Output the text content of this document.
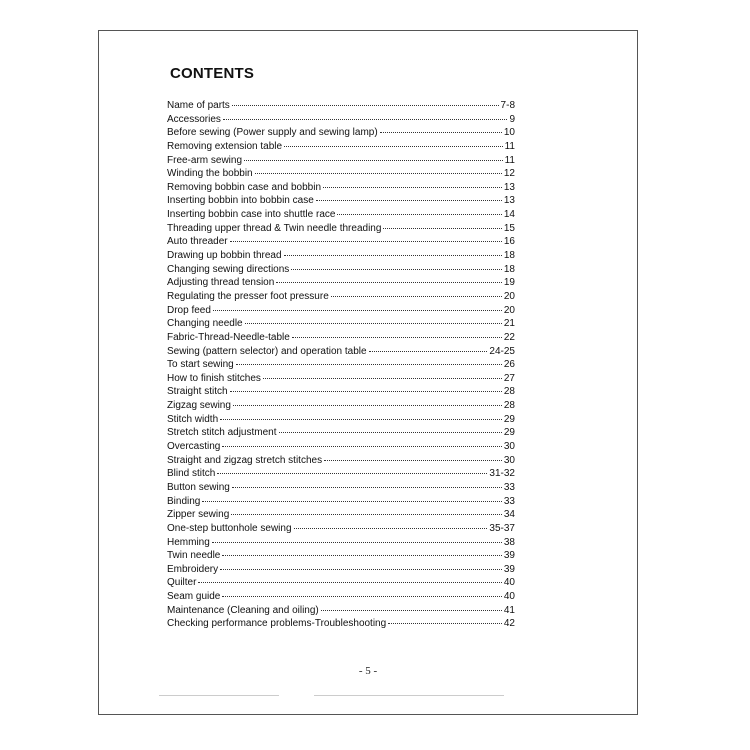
CONTENTS
Name of parts	7-8
Accessories	9
Before sewing (Power supply and sewing lamp)	10
Removing extension table	11
Free-arm sewing	11
Winding the bobbin	12
Removing bobbin case and bobbin	13
Inserting bobbin into bobbin case	13
Inserting bobbin case into shuttle race	14
Threading upper thread & Twin needle threading	15
Auto threader	16
Drawing up bobbin thread	18
Changing sewing directions	18
Adjusting thread tension	19
Regulating the presser foot pressure	20
Drop feed	20
Changing needle	21
Fabric-Thread-Needle-table	22
Sewing (pattern selector) and operation table	24-25
To start sewing	26
How to finish stitches	27
Straight stitch	28
Zigzag sewing	28
Stitch width	29
Stretch stitch adjustment	29
Overcasting	30
Straight and zigzag stretch stitches	30
Blind stitch	31-32
Button sewing	33
Binding	33
Zipper sewing	34
One-step buttonhole sewing	35-37
Hemming	38
Twin needle	39
Embroidery	39
Quilter	40
Seam guide	40
Maintenance (Cleaning and oiling)	41
Checking performance problems-Troubleshooting	42
- 5 -
